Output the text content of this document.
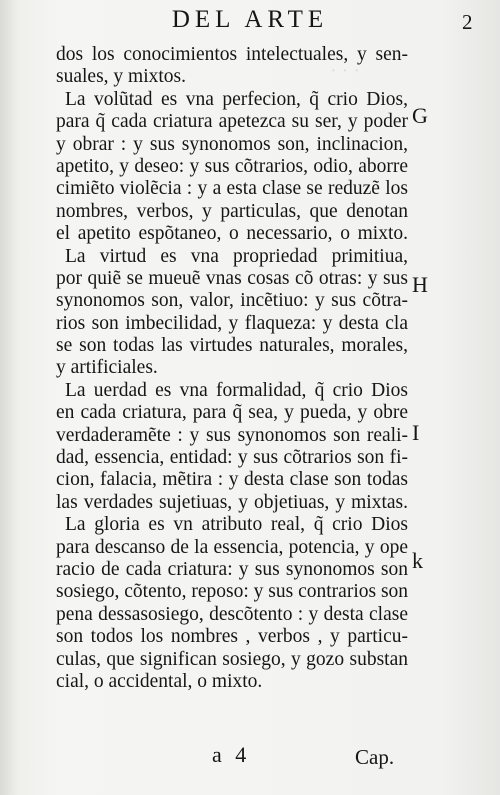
DEL ARTE	2
· · ·
dos los conocimientos intelectuales, y sen-
suales, y mixtos.
La volũtad es vna perfecion, q̃ crio Dios,
para q̃ cada criatura apetezca su ser, y poder
y obrar : y sus synonomos son, inclinacion,
apetito, y deseo: y sus cõtrarios, odio, aborre
cimiẽto violẽcia : y a esta clase se reduzẽ los
nombres, verbos, y particulas, que denotan
el apetito espõtaneo, o necessario, o mixto.
La virtud es vna propriedad primitiua,
por quiẽ se mueuẽ vnas cosas cõ otras: y sus
synonomos son, valor, incẽtiuo: y sus cõtra-
rios son imbecilidad, y flaqueza: y desta cla
se son todas las virtudes naturales, morales,
y artificiales.
La uerdad es vna formalidad, q̃ crio Dios
en cada criatura, para q̃ sea, y pueda, y obre
verdaderamẽte : y sus synonomos son reali-
dad, essencia, entidad: y sus cõtrarios son fi-
cion, falacia, mẽtira : y desta clase son todas
las verdades sujetiuas, y objetiuas, y mixtas.
La gloria es vn atributo real, q̃ crio Dios
para descanso de la essencia, potencia, y ope
racio de cada criatura: y sus synonomos son
sosiego, cõtento, reposo: y sus contrarios son
pena dessasosiego, descõtento : y desta clase
son todos los nombres , verbos , y particu-
culas, que significan sosiego, y gozo substan
cial, o accidental, o mixto.
G
H
I
k
a 4	Cap.
